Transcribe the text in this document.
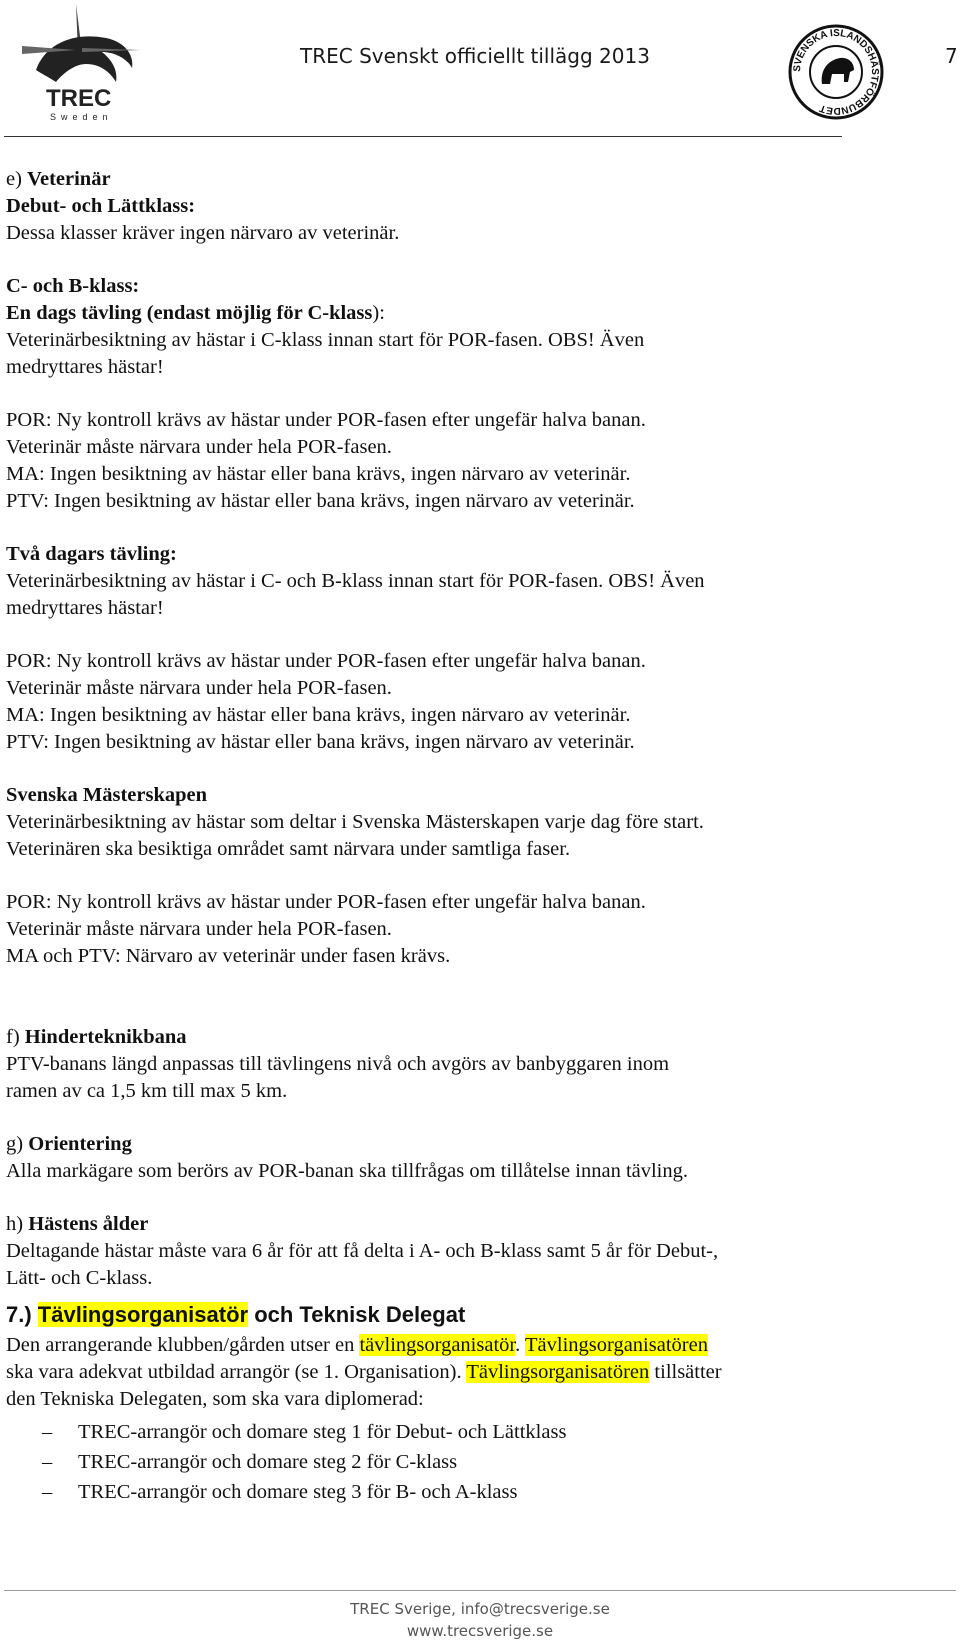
TREC
Sweden
TREC Svenskt officiellt tillägg 2013	7
SVENSKA ISLANDSHÄSTFÖRBUNDET

e) Veterinär

Debut- och Lättklass:

Dessa klasser kräver ingen närvaro av veterinär.

C- och B-klass:

En dags tävling (endast möjlig för C-klass):

Veterinärbesiktning av hästar i C-klass innan start för POR-fasen. OBS! Även

medryttares hästar!

POR: Ny kontroll krävs av hästar under POR-fasen efter ungefär halva banan.

Veterinär måste närvara under hela POR-fasen.

MA: Ingen besiktning av hästar eller bana krävs, ingen närvaro av veterinär.

PTV: Ingen besiktning av hästar eller bana krävs, ingen närvaro av veterinär.

Två dagars tävling:

Veterinärbesiktning av hästar i C- och B-klass innan start för POR-fasen. OBS! Även

medryttares hästar!

POR: Ny kontroll krävs av hästar under POR-fasen efter ungefär halva banan.

Veterinär måste närvara under hela POR-fasen.

MA: Ingen besiktning av hästar eller bana krävs, ingen närvaro av veterinär.

PTV: Ingen besiktning av hästar eller bana krävs, ingen närvaro av veterinär.

Svenska Mästerskapen

Veterinärbesiktning av hästar som deltar i Svenska Mästerskapen varje dag före start.

Veterinären ska besiktiga området samt närvara under samtliga faser.

POR: Ny kontroll krävs av hästar under POR-fasen efter ungefär halva banan.

Veterinär måste närvara under hela POR-fasen.

MA och PTV: Närvaro av veterinär under fasen krävs.

f) Hinderteknikbana

PTV-banans längd anpassas till tävlingens nivå och avgörs av banbyggaren inom

ramen av ca 1,5 km till max 5 km.

g) Orientering

Alla markägare som berörs av POR-banan ska tillfrågas om tillåtelse innan tävling.

h) Hästens ålder

Deltagande hästar måste vara 6 år för att få delta i A- och B-klass samt 5 år för Debut-,

Lätt- och C-klass.

7.) Tävlingsorganisatör och Teknisk Delegat

Den arrangerande klubben/gården utser en tävlingsorganisatör. Tävlingsorganisatören

ska vara adekvat utbildad arrangör (se 1. Organisation). Tävlingsorganisatören tillsätter

den Tekniska Delegaten, som ska vara diplomerad:

– TREC-arrangör och domare steg 1 för Debut- och Lättklass
– TREC-arrangör och domare steg 2 för C-klass
– TREC-arrangör och domare steg 3 för B- och A-klass
TREC Sverige, info@trecsverige.se
www.trecsverige.se
